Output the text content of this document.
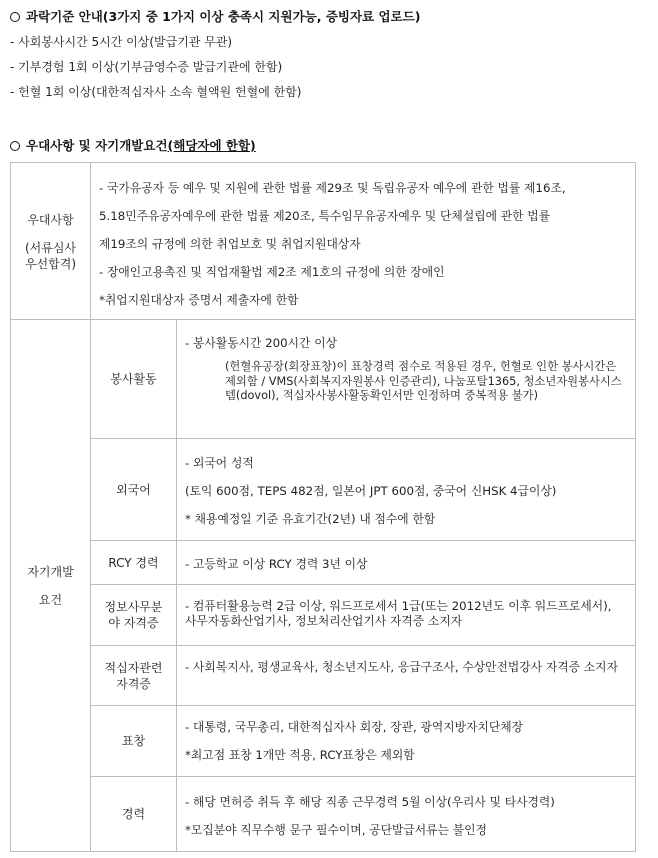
과락기준 안내(3가지 중 1가지 이상 충족시 지원가능, 증빙자료 업로드)
- 사회봉사시간 5시간 이상(발급기관 무관)
- 기부경험 1회 이상(기부금영수증 발급기관에 한함)
- 헌혈 1회 이상(대한적십자사 소속 혈액원 헌혈에 한함)
우대사항 및 자기개발요건(해당자에 한함)
우대사항
(서류심사
우선합격)
- 국가유공자 등 예우 및 지원에 관한 법률 제29조 및 독립유공자 예우에 관한 법률 제16조,
5.18민주유공자예우에 관한 법률 제20조, 특수임무유공자예우 및 단체설립에 관한 법률
제19조의 규정에 의한 취업보호 및 취업지원대상자
- 장애인고용촉진 및 직업재활법 제2조 제1호의 규정에 의한 장애인
*취업지원대상자 증명서 제출자에 한함
자기개발
요건
봉사활동
- 봉사활동시간 200시간 이상
(헌혈유공장(회장표창)이 표창경력 점수로 적용된 경우, 헌혈로 인한 봉사시간은 제외함 / VMS(사회복지자원봉사 인증관리), 나눔포탈1365, 청소년자원봉사시스템(dovol), 적십자사봉사활동확인서만 인정하며 중복적용 불가)
외국어
- 외국어 성적
(토익 600점, TEPS 482점, 일본어 JPT 600점, 중국어 신HSK 4급이상)
* 채용예정일 기준 유효기간(2년) 내 점수에 한함
RCY 경력 - 고등학교 이상 RCY 경력 3년 이상
정보사무분
야 자격증
- 컴퓨터활용능력 2급 이상, 워드프로세서 1급(또는 2012년도 이후 워드프로세서), 사무자동화산업기사, 정보처리산업기사 자격증 소지자
적십자관련
자격증
- 사회복지사, 평생교육사, 청소년지도사, 응급구조사, 수상안전법강사 자격증 소지자
표창
- 대통령, 국무총리, 대한적십자사 회장, 장관, 광역지방자치단체장
*최고점 표창 1개만 적용, RCY표창은 제외함
경력
- 해당 면허증 취득 후 해당 직종 근무경력 5월 이상(우리사 및 타사경력)
*모집분야 직무수행 문구 필수이며, 공단발급서류는 불인정
